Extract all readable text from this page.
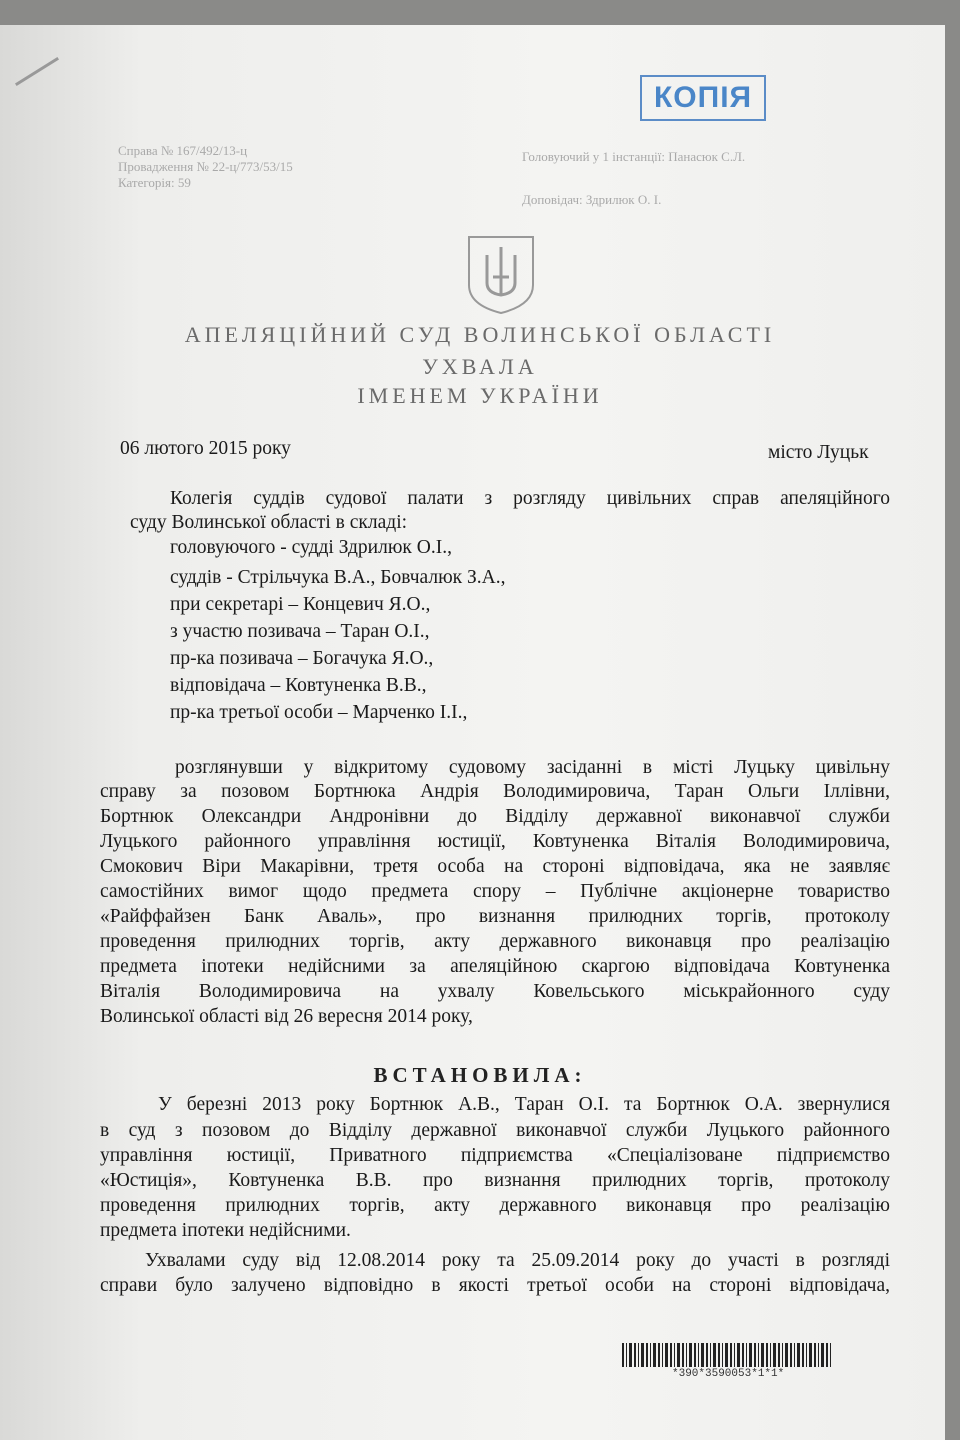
КОПІЯ
Справа № 167/492/13-ц
Провадження № 22-ц/773/53/15
Категорія: 59
Головуючий у 1 інстанції: Панасюк С.Л.
Доповідач: Здрилюк О. І.
АПЕЛЯЦІЙНИЙ СУД ВОЛИНСЬКОЇ ОБЛАСТІ
УХВАЛА
ІМЕНЕМ УКРАЇНИ
06 лютого 2015 року	місто Луцьк
Колегія суддів судової палати з розгляду цивільних справ апеляційного
суду Волинської області в складі:
головуючого - судді Здрилюк О.І.,
суддів - Стрільчука В.А., Бовчалюк З.А.,
при секретарі – Концевич Я.О.,
з участю позивача – Таран О.І.,
пр-ка позивача – Богачука Я.О.,
відповідача – Ковтуненка В.В.,
пр-ка третьої особи – Марченко І.І.,
розглянувши у відкритому судовому засіданні в місті Луцьку цивільну
справу за позовом Бортнюка Андрія Володимировича, Таран Ольги Іллівни,
Бортнюк Олександри Андронівни до Відділу державної виконавчої служби
Луцького районного управління юстиції, Ковтуненка Віталія Володимировича,
Смокович Віри Макарівни, третя особа на стороні відповідача, яка не заявляє
самостійних вимог щодо предмета спору – Публічне акціонерне товариство
«Райффайзен Банк Аваль», про визнання прилюдних торгів, протоколу
проведення прилюдних торгів, акту державного виконавця про реалізацію
предмета іпотеки недійсними за апеляційною скаргою відповідача Ковтуненка
Віталія Володимировича на ухвалу Ковельського міськрайонного суду
Волинської області від 26 вересня 2014 року,
ВСТАНОВИЛА:
У березні 2013 року Бортнюк А.В., Таран О.І. та Бортнюк О.А. звернулися
в суд з позовом до Відділу державної виконавчої служби Луцького районного
управління юстиції, Приватного підприємства «Спеціалізоване підприємство
«Юстиція», Ковтуненка В.В. про визнання прилюдних торгів, протоколу
проведення прилюдних торгів, акту державного виконавця про реалізацію
предмета іпотеки недійсними.
Ухвалами суду від 12.08.2014 року та 25.09.2014 року до участі в розгляді
справи було залучено відповідно в якості третьої особи на стороні відповідача,
*390*3590053*1*1*
